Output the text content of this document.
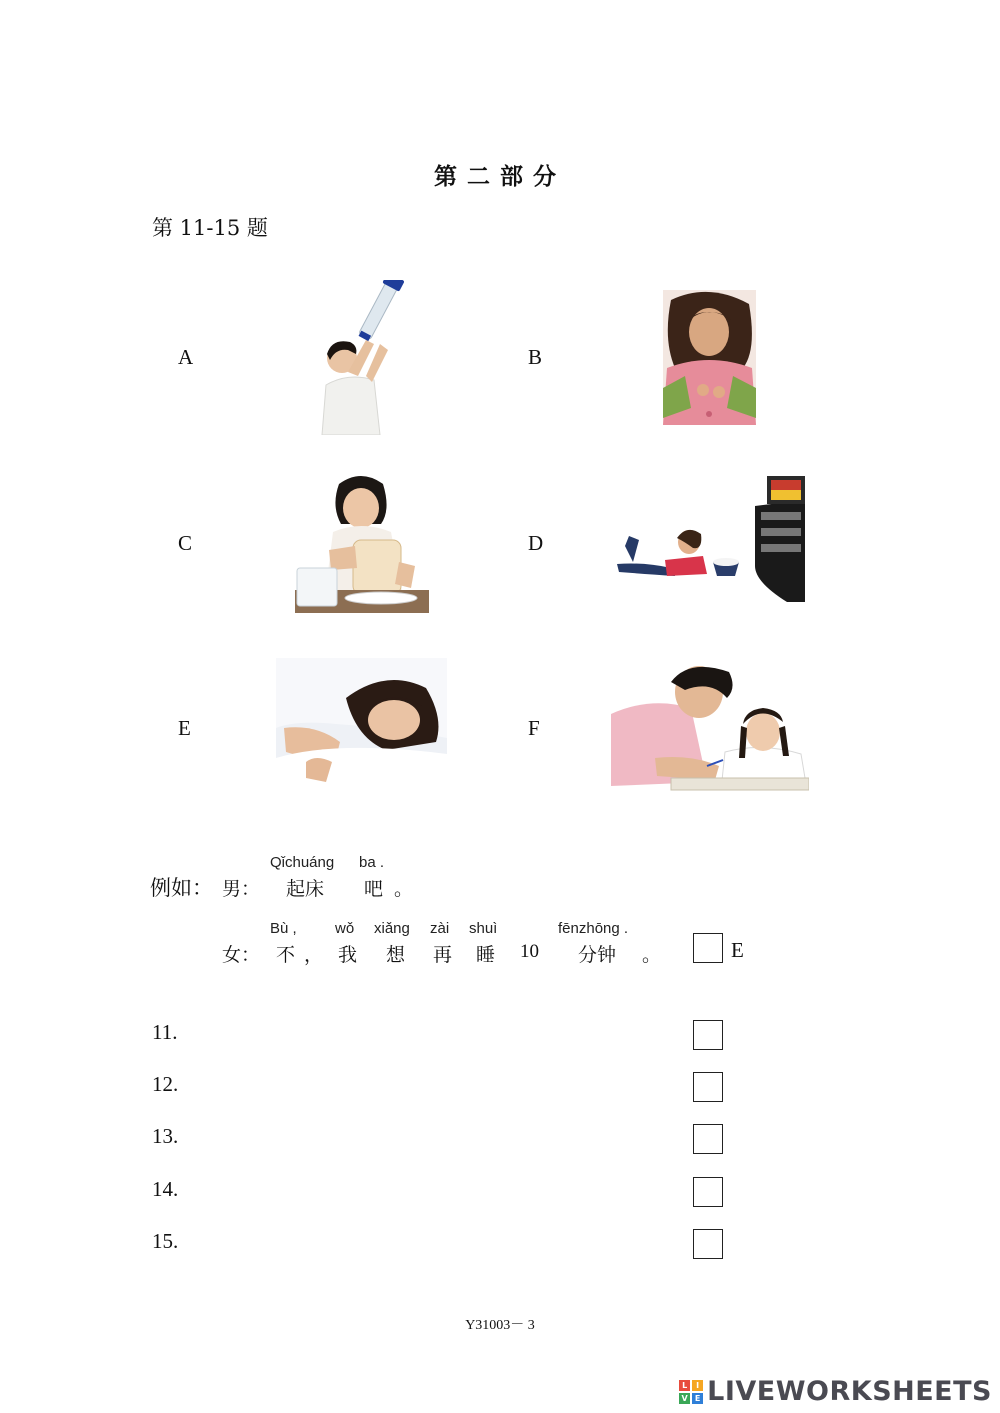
第二部分
第 11-15 题
A	B
C	D
E	F
例如： 男：
Qǐchuáng ba .
起床 吧 。
女：
Bù ,	wǒ xiǎng zài shuì	fēnzhōng .
不 ， 我 想 再 睡 10 分钟 。	E
11.
12.
13.
14.
15.
Y31003－ 3
L	I
V E LIVEWORKSHEETS
